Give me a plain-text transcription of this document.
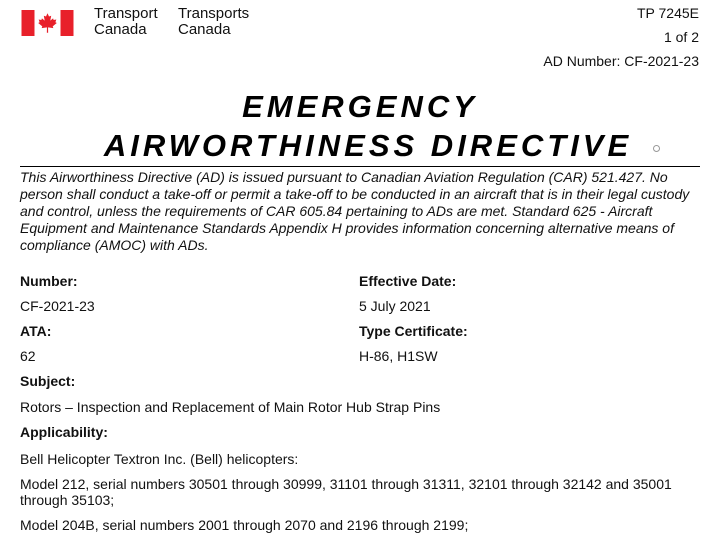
Transport
Canada
Transports
Canada
TP 7245E
1 of 2
AD Number: CF-2021-23
EMERGENCY
AIRWORTHINESS DIRECTIVE
This Airworthiness Directive (AD) is issued pursuant to Canadian Aviation Regulation (CAR) 521.427. No person shall conduct a take-off or permit a take-off to be conducted in an aircraft that is in their legal custody and control, unless the requirements of CAR 605.84 pertaining to ADs are met. Standard 625 - Aircraft Equipment and Maintenance Standards Appendix H provides information concerning alternative means of compliance (AMOC) with ADs.
Number:	Effective Date:
CF-2021-23	5 July 2021
ATA:	Type Certificate:
62	H-86, H1SW
Subject:
Rotors – Inspection and Replacement of Main Rotor Hub Strap Pins
Applicability:
Bell Helicopter Textron Inc. (Bell) helicopters:
Model 212, serial numbers 30501 through 30999, 31101 through 31311, 32101 through 32142 and 35001 through 35103;
Model 204B, serial numbers 2001 through 2070 and 2196 through 2199;
